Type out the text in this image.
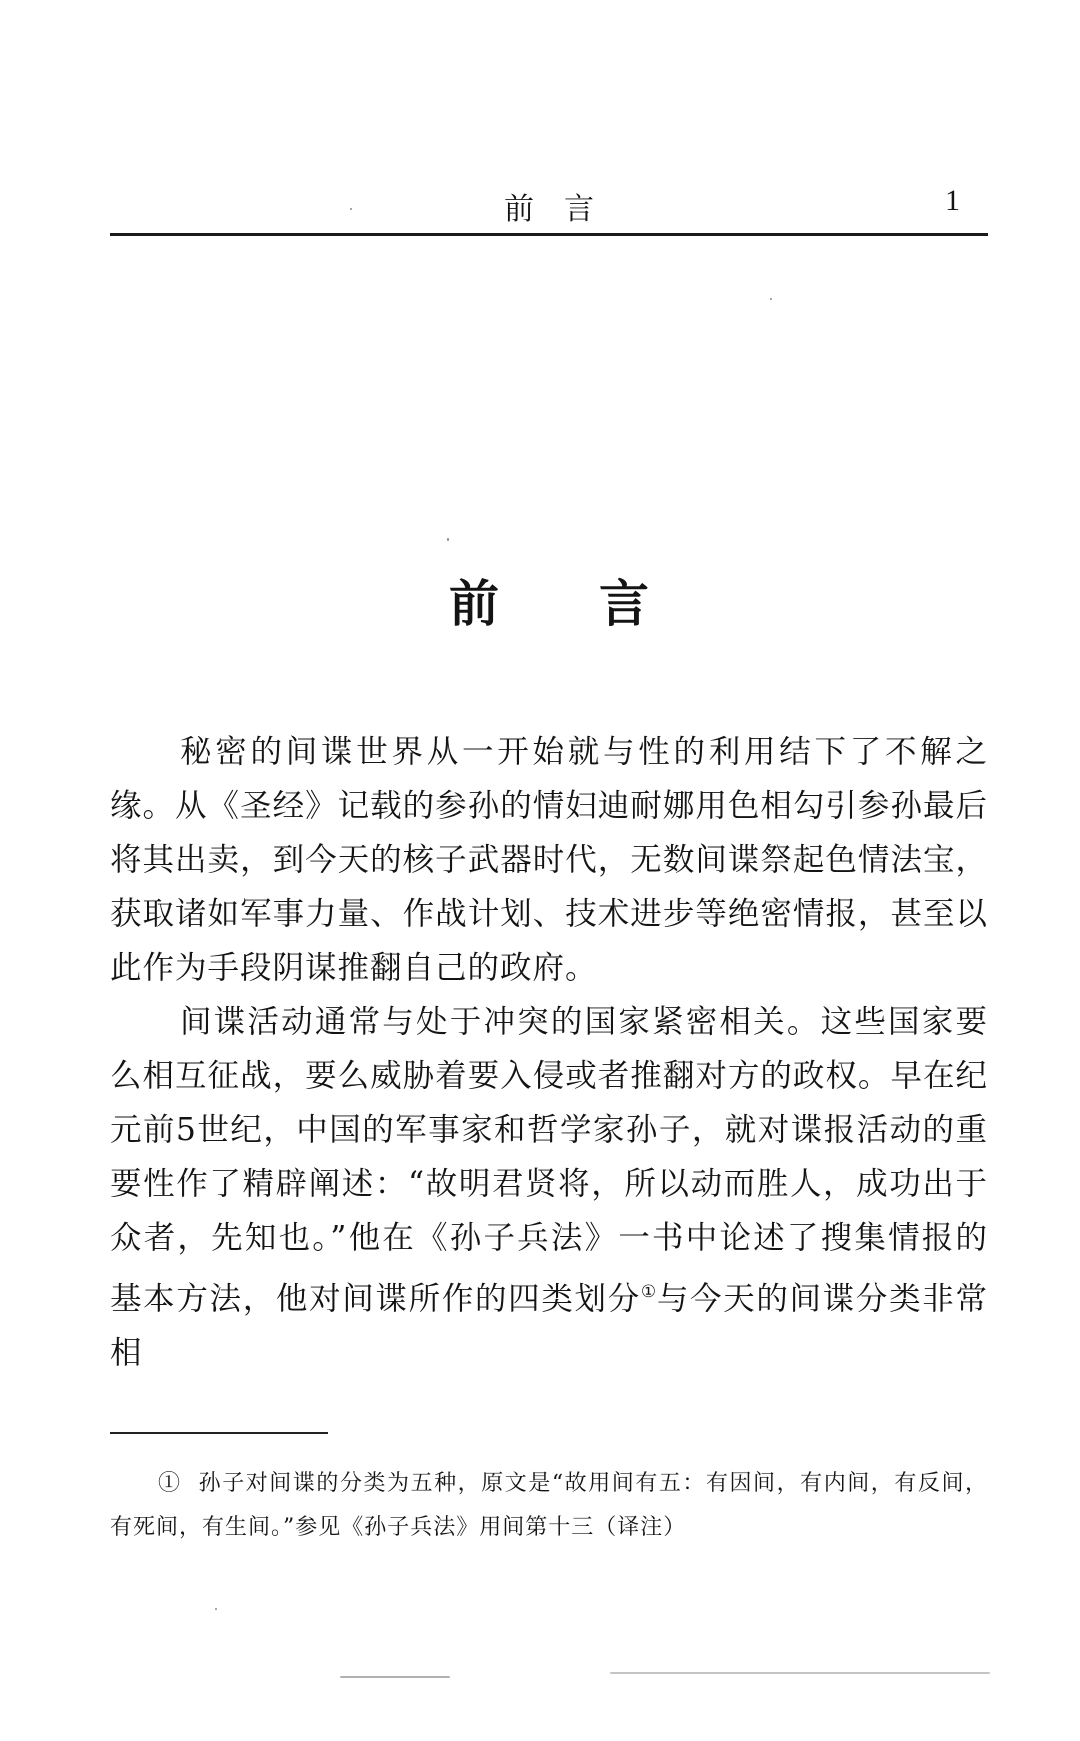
前言	1
前言

秘密的间谍世界从一开始就与性的利用结下了不解之缘。从《圣经》记载的参孙的情妇迪耐娜用色相勾引参孙最后将其出卖，到今天的核子武器时代，无数间谍祭起色情法宝，获取诸如军事力量、作战计划、技术进步等绝密情报，甚至以此作为手段阴谋推翻自己的政府。

间谍活动通常与处于冲突的国家紧密相关。这些国家要么相互征战，要么威胁着要入侵或者推翻对方的政权。早在纪元前5世纪，中国的军事家和哲学家孙子，就对谍报活动的重要性作了精辟阐述：“故明君贤将，所以动而胜人，成功出于众者，先知也。”他在《孙子兵法》一书中论述了搜集情报的基本方法，他对间谍所作的四类划分①与今天的间谍分类非常相

① 孙子对间谍的分类为五种，原文是“故用间有五：有因间，有内间，有反间，有死间，有生间。”参见《孙子兵法》用间第十三（译注）
